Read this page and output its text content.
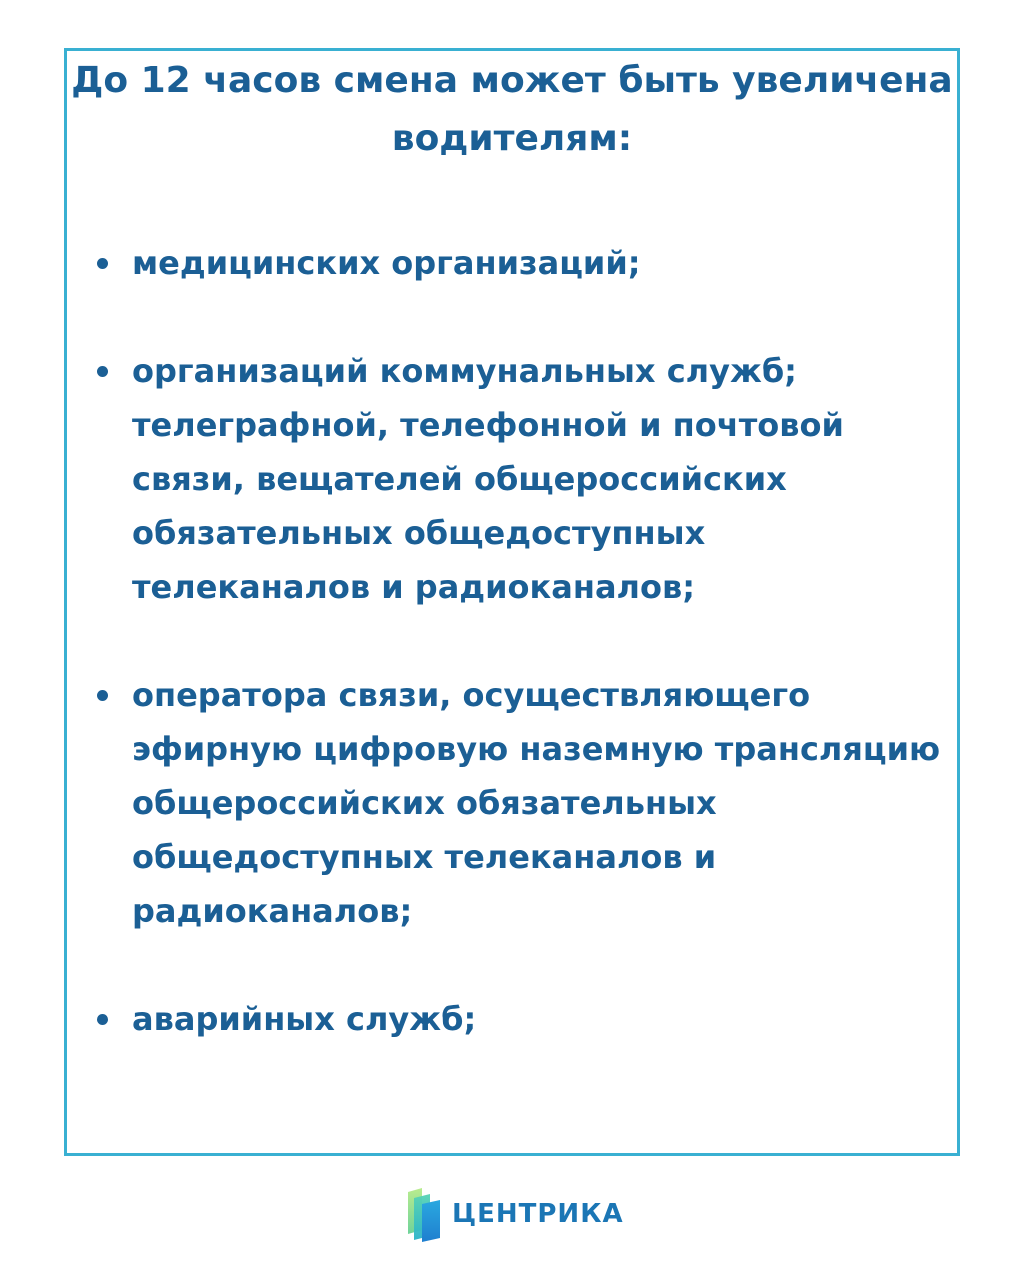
До 12 часов смена может быть увеличена водителям:
медицинских организаций;
организаций коммунальных служб; телеграфной, телефонной и почтовой связи, вещателей общероссийских обязательных общедоступных телеканалов и радиоканалов;
оператора связи, осуществляющего эфирную цифровую наземную трансляцию общероссийских обязательных общедоступных телеканалов и радиоканалов;
аварийных служб;
ЦЕНТРИКА
